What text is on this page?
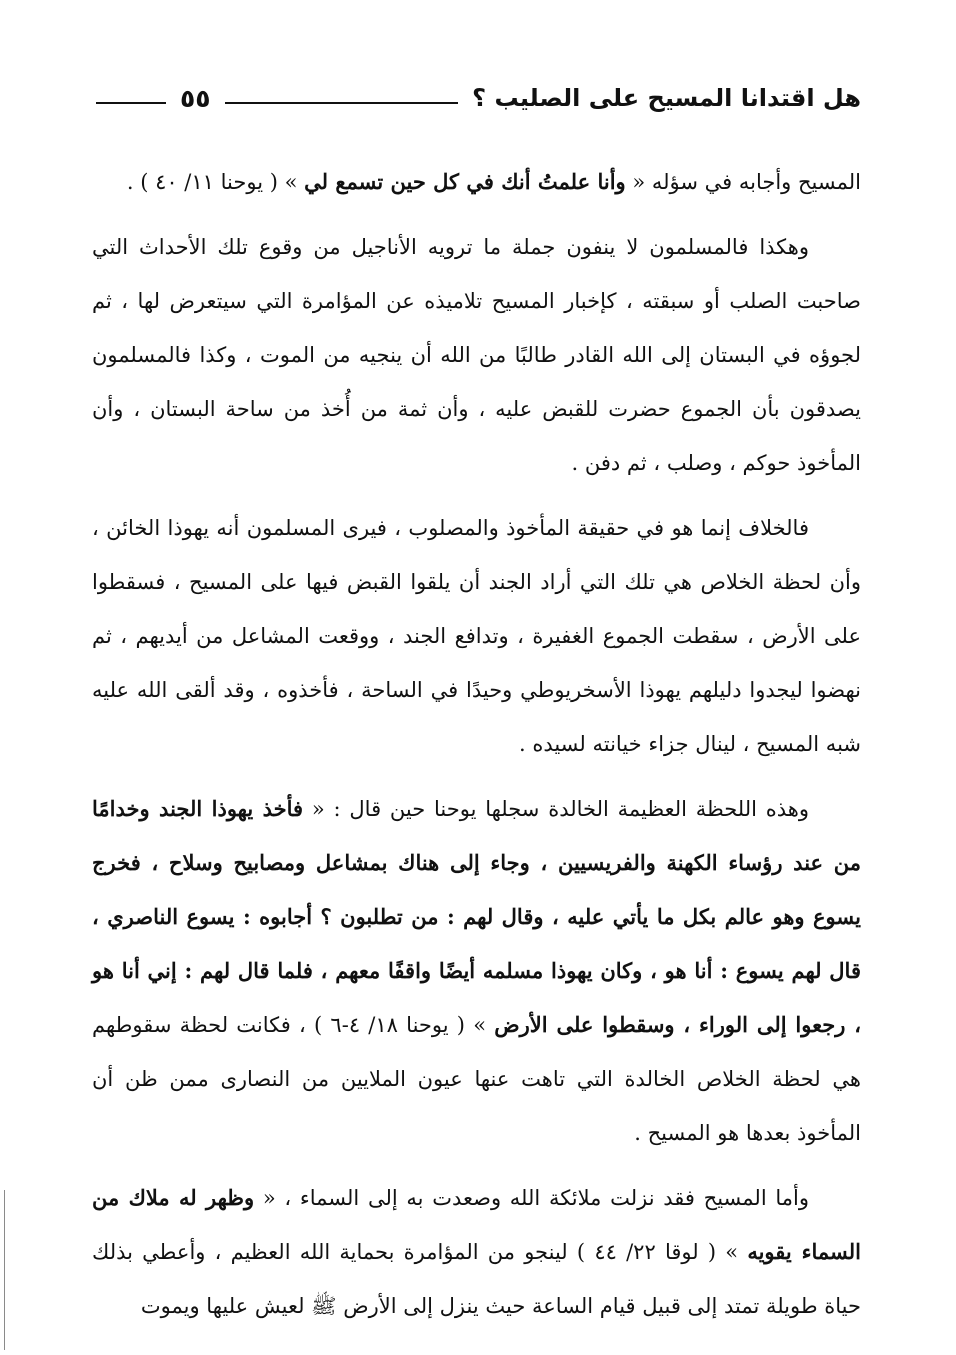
هل اقتدانا المسيح على الصليب ؟
٥٥

المسيح وأجابه في سؤله « وأنا علمتُ أنك في كل حين تسمع لي » ( يوحنا ١١/ ٤٠ ) .

وهكذا فالمسلمون لا ينفون جملة ما ترويه الأناجيل من وقوع تلك الأحداث التي صاحبت الصلب أو سبقته ، كإخبار المسيح تلاميذه عن المؤامرة التي سيتعرض لها ، ثم لجوؤه في البستان إلى الله القادر طالبًا من الله أن ينجيه من الموت ، وكذا فالمسلمون يصدقون بأن الجموع حضرت للقبض عليه ، وأن ثمة من أُخذ من ساحة البستان ، وأن المأخوذ حوكم ، وصلب ، ثم دفن .

فالخلاف إنما هو في حقيقة المأخوذ والمصلوب ، فيرى المسلمون أنه يهوذا الخائن ، وأن لحظة الخلاص هي تلك التي أراد الجند أن يلقوا القبض فيها على المسيح ، فسقطوا على الأرض ، سقطت الجموع الغفيرة ، وتدافع الجند ، ووقعت المشاعل من أيديهم ، ثم نهضوا ليجدوا دليلهم يهوذا الأسخريوطي وحيدًا في الساحة ، فأخذوه ، وقد ألقى الله عليه شبه المسيح ، لينال جزاء خيانته لسيده .

وهذه اللحظة العظيمة الخالدة سجلها يوحنا حين قال : « فأخذ يهوذا الجند وخدامًا من عند رؤساء الكهنة والفريسيين ، وجاء إلى هناك بمشاعل ومصابيح وسلاح ، فخرج يسوع وهو عالم بكل ما يأتي عليه ، وقال لهم : من تطلبون ؟ أجابوه : يسوع الناصري ، قال لهم يسوع : أنا هو ، وكان يهوذا مسلمه أيضًا واقفًا معهم ، فلما قال لهم : إني أنا هو ، رجعوا إلى الوراء ، وسقطوا على الأرض » ( يوحنا ١٨/ ٤-٦ ) ، فكانت لحظة سقوطهم هي لحظة الخلاص الخالدة التي تاهت عنها عيون الملايين من النصارى ممن ظن أن المأخوذ بعدها هو المسيح .

وأما المسيح فقد نزلت ملائكة الله وصعدت به إلى السماء ، « وظهر له ملاك من السماء يقويه » ( لوقا ٢٢/ ٤٤ ) لينجو من المؤامرة بحماية الله العظيم ، وأعطي بذلك حياة طويلة تمتد إلى قبيل قيام الساعة حيث ينزل إلى الأرض ﷺ لعيش عليها ويموت
